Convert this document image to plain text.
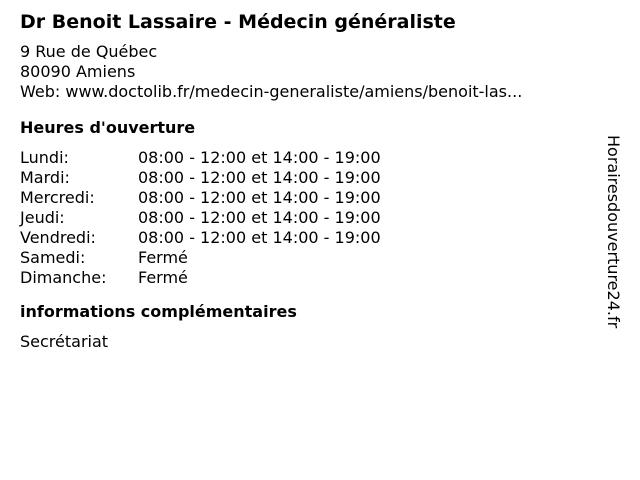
Dr Benoit Lassaire - Médecin généraliste
9 Rue de Québec
80090 Amiens
Web: www.doctolib.fr/medecin-generaliste/amiens/benoit-las...
Heures d'ouverture
Lundi:	08:00 - 12:00 et 14:00 - 19:00
Mardi:	08:00 - 12:00 et 14:00 - 19:00
Mercredi:	08:00 - 12:00 et 14:00 - 19:00
Jeudi:	08:00 - 12:00 et 14:00 - 19:00
Vendredi:	08:00 - 12:00 et 14:00 - 19:00
Samedi:	Fermé
Dimanche:	Fermé
informations complémentaires
Secrétariat
Horairesdouverture24.fr
